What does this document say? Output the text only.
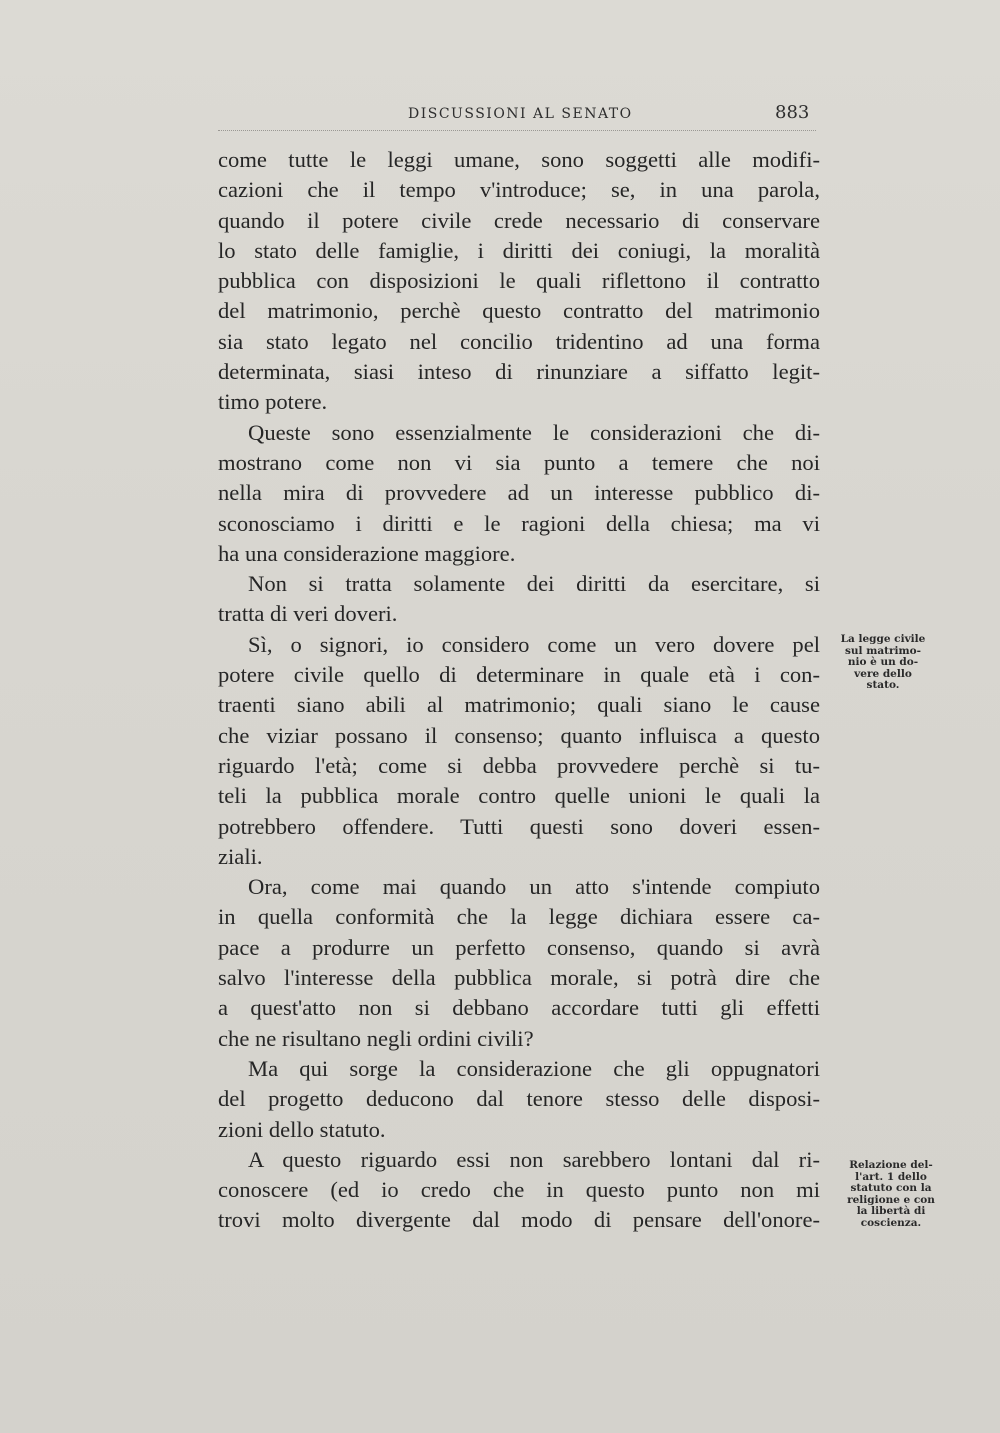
DISCUSSIONI AL SENATO	883
come tutte le leggi umane, sono soggetti alle modifi-
cazioni che il tempo v'introduce; se, in una parola,
quando il potere civile crede necessario di conservare
lo stato delle famiglie, i diritti dei coniugi, la moralità
pubblica con disposizioni le quali riflettono il contratto
del matrimonio, perchè questo contratto del matrimonio
sia stato legato nel concilio tridentino ad una forma
determinata, siasi inteso di rinunziare a siffatto legit-
timo potere.
Queste sono essenzialmente le considerazioni che di-
mostrano come non vi sia punto a temere che noi
nella mira di provvedere ad un interesse pubblico di-
sconosciamo i diritti e le ragioni della chiesa; ma vi
ha una considerazione maggiore.
Non si tratta solamente dei diritti da esercitare, si
tratta di veri doveri.
Sì, o signori, io considero come un vero dovere pel
potere civile quello di determinare in quale età i con-
traenti siano abili al matrimonio; quali siano le cause
che viziar possano il consenso; quanto influisca a questo
riguardo l'età; come si debba provvedere perchè si tu-
teli la pubblica morale contro quelle unioni le quali la
potrebbero offendere. Tutti questi sono doveri essen-
ziali.
Ora, come mai quando un atto s'intende compiuto
in quella conformità che la legge dichiara essere ca-
pace a produrre un perfetto consenso, quando si avrà
salvo l'interesse della pubblica morale, si potrà dire che
a quest'atto non si debbano accordare tutti gli effetti
che ne risultano negli ordini civili?
Ma qui sorge la considerazione che gli oppugnatori
del progetto deducono dal tenore stesso delle disposi-
zioni dello statuto.
A questo riguardo essi non sarebbero lontani dal ri-
conoscere (ed io credo che in questo punto non mi
trovi molto divergente dal modo di pensare dell'onore-
La legge civile
sul matrimo-
nio è un do-
vere dello
stato.
Relazione del-
l'art. 1 dello
statuto con la
religione e con
la libertà di
coscienza.
